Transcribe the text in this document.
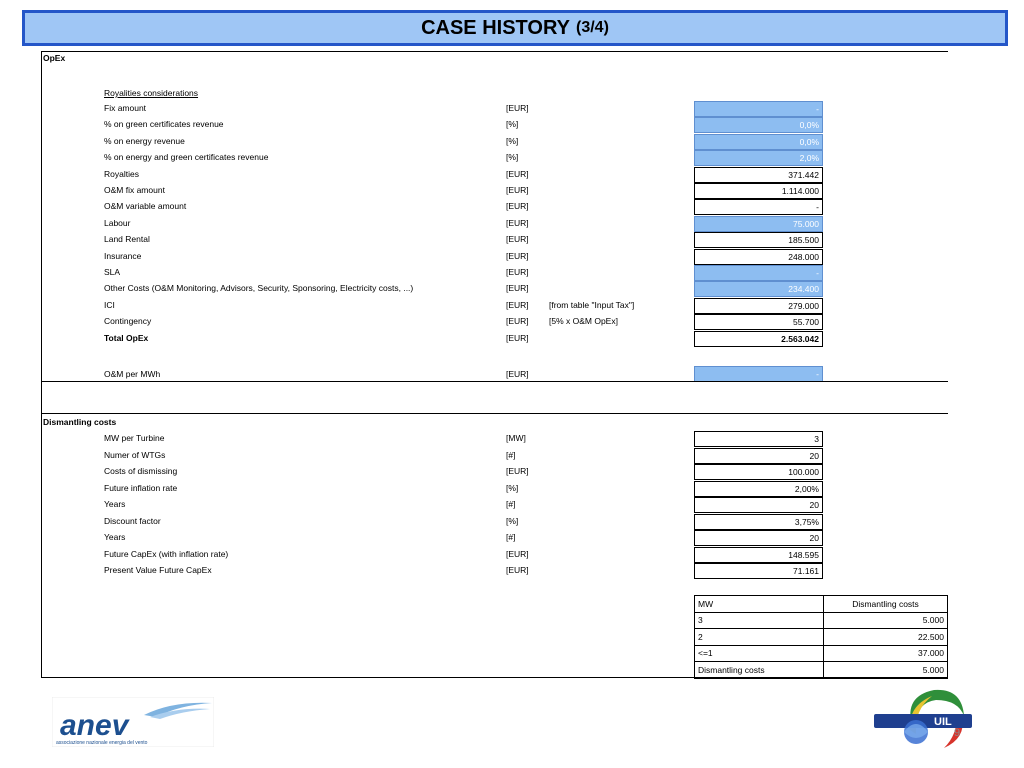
CASE HISTORY (3/4)
OpEx
Royalities considerations
Fix amount	[EUR]	-
% on green certificates revenue	[%]	0,0%
% on energy revenue	[%]	0,0%
% on energy and green certificates revenue	[%]	2,0%
Royalties	[EUR]	371.442
O&M fix amount	[EUR]	1.114.000
O&M variable amount	[EUR]	-
Labour	[EUR]	75.000
Land Rental	[EUR]	185.500
Insurance	[EUR]	248.000
SLA	[EUR]	-
Other Costs (O&M Monitoring, Advisors, Security, Sponsoring, Electricity costs, ...)	[EUR]	234.400
ICI	[EUR] [from table "Input Tax"]	279.000
Contingency	[EUR] [5% x O&M OpEx]	55.700
Total OpEx	[EUR]	2.563.042
O&M per MWh	[EUR]	-
Dismantling costs
MW per Turbine	[MW]	3
Numer of WTGs	[#]	20
Costs of dismissing	[EUR]	100.000
Future inflation rate	[%]	2,00%
Years	[#]	20
Discount factor	[%]	3,75%
Years	[#]	20
Future CapEx (with inflation rate)	[EUR]	148.595
Present Value Future CapEx	[EUR]	71.161
MW	Dismantling costs
3	5.000
2	22.500
<=1	37.000
Dismantling costs	5.000
anev
associazione nazionale energia del vento
UIL
9
